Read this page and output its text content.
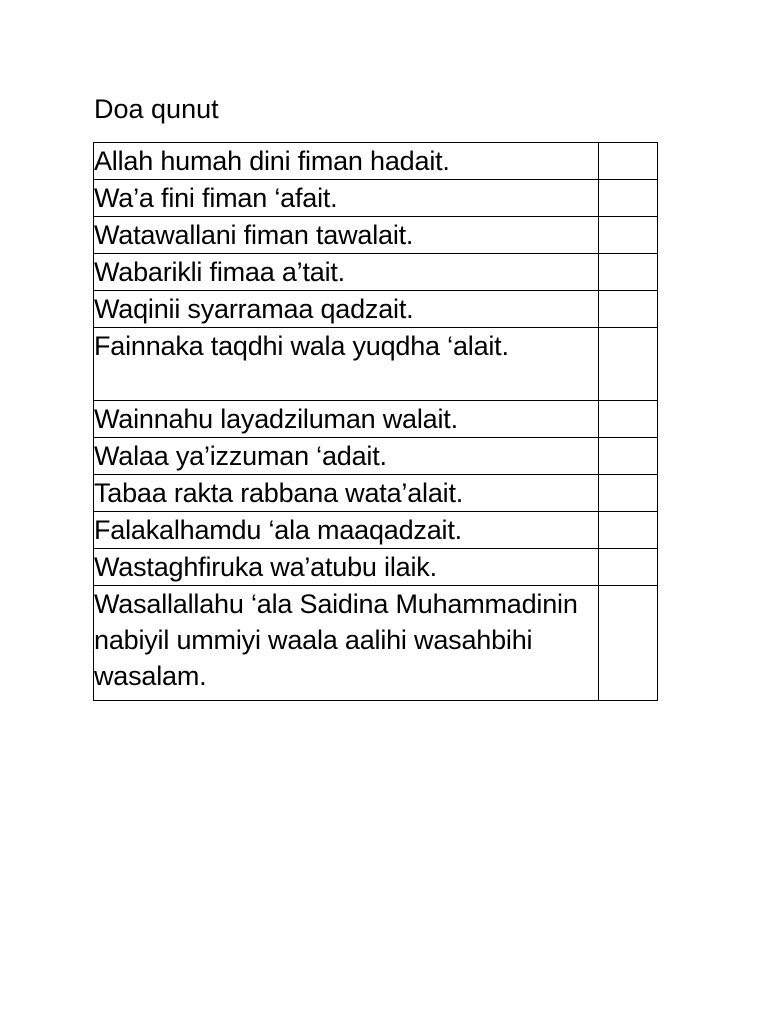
Doa qunut
Allah humah dini fiman hadait.	
Wa’a fini fiman ‘afait.	
Watawallani fiman tawalait.	
Wabarikli fimaa a’tait.	
Waqinii syarramaa qadzait.	
Fainnaka taqdhi wala yuqdha ‘alait.	
Wainnahu layadziluman walait.	
Walaa ya’izzuman ‘adait.	
Tabaa rakta rabbana wata’alait.	
Falakalhamdu ‘ala maaqadzait.	
Wastaghfiruka wa’atubu ilaik.	
Wasallallahu ‘ala Saidina Muhammadinin nabiyil ummiyi waala aalihi wasahbihi wasalam.	
